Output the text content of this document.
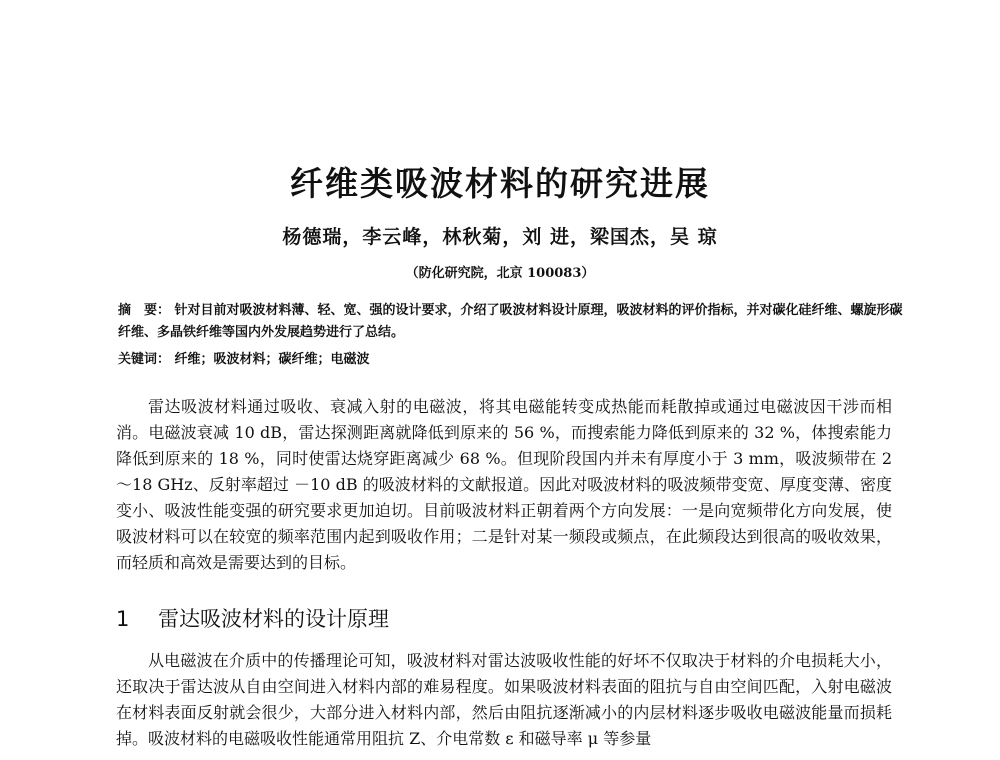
纤维类吸波材料的研究进展
杨德瑞，李云峰，林秋菊，刘 进，梁国杰，吴 琼
（防化研究院，北京 100083）
摘　要： 针对目前对吸波材料薄、轻、宽、强的设计要求，介绍了吸波材料设计原理，吸波材料的评价指标，并对碳化硅纤维、螺旋形碳纤维、多晶铁纤维等国内外发展趋势进行了总结。
关键词： 纤维；吸波材料；碳纤维；电磁波
雷达吸波材料通过吸收、衰减入射的电磁波，将其电磁能转变成热能而耗散掉或通过电磁波因干涉而相消。电磁波衰减 10 dB，雷达探测距离就降低到原来的 56 %，而搜索能力降低到原来的 32 %，体搜索能力降低到原来的 18 %，同时使雷达烧穿距离减少 68 %。但现阶段国内并未有厚度小于 3 mm，吸波频带在 2～18 GHz、反射率超过 －10 dB 的吸波材料的文献报道。因此对吸波材料的吸波频带变宽、厚度变薄、密度变小、吸波性能变强的研究要求更加迫切。目前吸波材料正朝着两个方向发展：一是向宽频带化方向发展，使吸波材料可以在较宽的频率范围内起到吸收作用；二是针对某一频段或频点，在此频段达到很高的吸收效果，而轻质和高效是需要达到的目标。
1 雷达吸波材料的设计原理
从电磁波在介质中的传播理论可知，吸波材料对雷达波吸收性能的好坏不仅取决于材料的介电损耗大小，还取决于雷达波从自由空间进入材料内部的难易程度。如果吸波材料表面的阻抗与自由空间匹配，入射电磁波在材料表面反射就会很少，大部分进入材料内部，然后由阻抗逐渐减小的内层材料逐步吸收电磁波能量而损耗掉。吸波材料的电磁吸收性能通常用阻抗 Z、介电常数 ε 和磁导率 μ 等参量
